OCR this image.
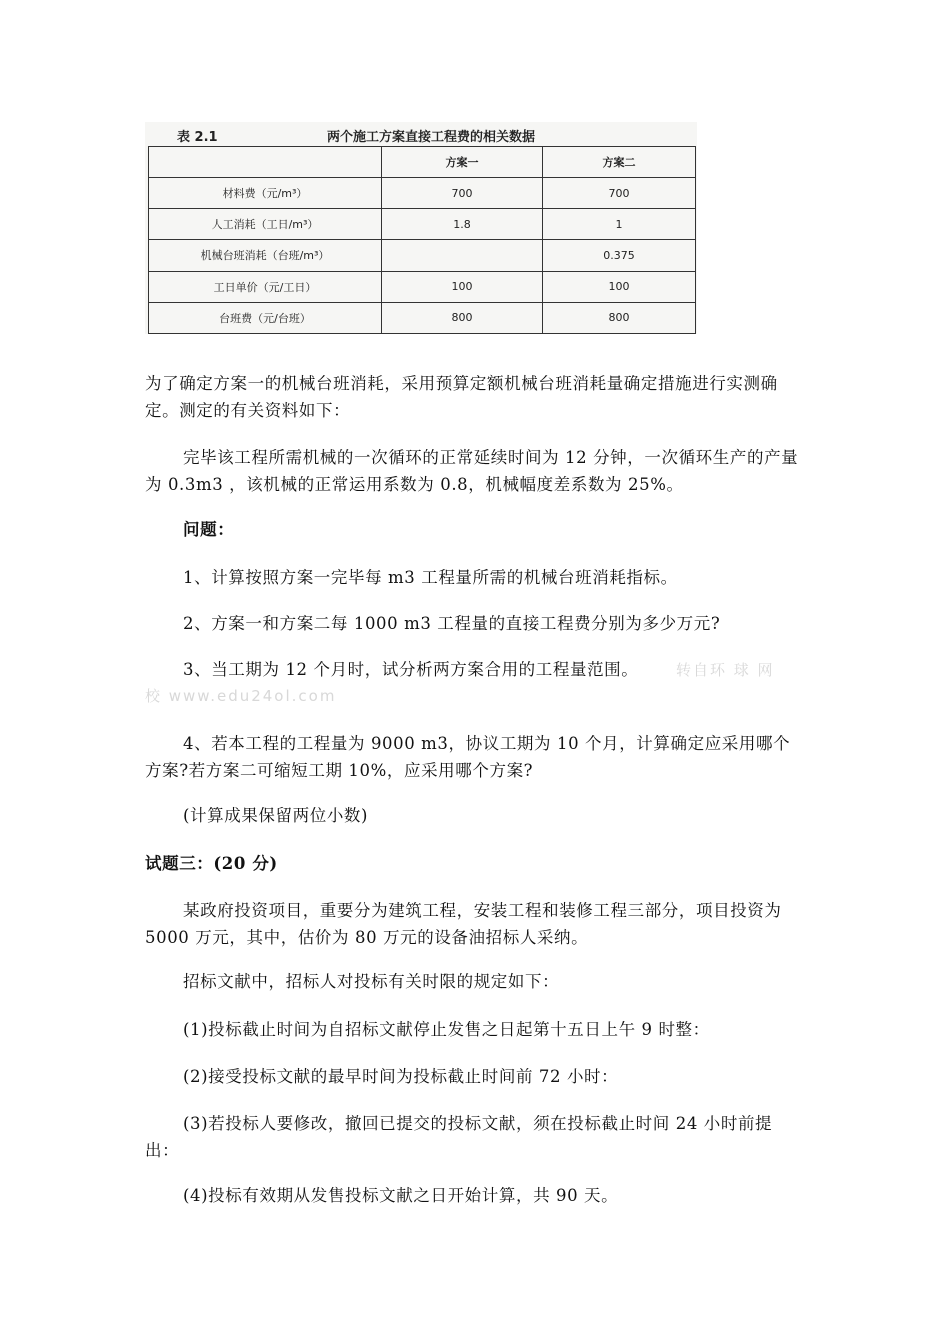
表 2.1	两个施工方案直接工程费的相关数据
	方案一	方案二
材料费（元/m³）	700	700
人工消耗（工日/m³）	1.8	1
机械台班消耗（台班/m³）		0.375
工日单价（元/工日）	100	100
台班费（元/台班）	800	800

为了确定方案一的机械台班消耗，采用预算定额机械台班消耗量确定措施进行实测确定。测定的有关资料如下：

完毕该工程所需机械的一次循环的正常延续时间为 12 分钟，一次循环生产的产量为 0.3m3 ，该机械的正常运用系数为 0.8，机械幅度差系数为 25%。

问题：

1、计算按照方案一完毕每 m3 工程量所需的机械台班消耗指标。

2、方案一和方案二每 1000 m3 工程量的直接工程费分别为多少万元?

3、当工期为 12 个月时，试分析两方案合用的工程量范围。	转自环 球 网
校 www.edu24ol.com

4、若本工程的工程量为 9000 m3，协议工期为 10 个月，计算确定应采用哪个方案?若方案二可缩短工期 10%，应采用哪个方案?

(计算成果保留两位小数)

试题三：(20 分)

某政府投资项目，重要分为建筑工程，安装工程和装修工程三部分，项目投资为 5000 万元，其中，估价为 80 万元的设备油招标人采纳。

招标文献中，招标人对投标有关时限的规定如下：

(1)投标截止时间为自招标文献停止发售之日起第十五日上午 9 时整：

(2)接受投标文献的最早时间为投标截止时间前 72 小时：

(3)若投标人要修改，撤回已提交的投标文献，须在投标截止时间 24 小时前提出：

(4)投标有效期从发售投标文献之日开始计算，共 90 天。
